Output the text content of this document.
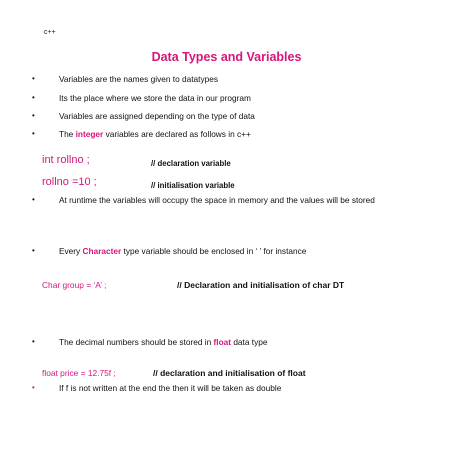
c++
Data Types and Variables
•	Variables are the names given to datatypes
•	Its the place where we store the data in our program
•	Variables are assigned depending on the type of data
•	The integer variables are declared as follows in c++
int rollno ;	// declaration variable
rollno =10 ;	// initialisation variable
•	At runtime the variables will occupy the space in memory and the values will be stored
•	Every Character type variable should be enclosed in ‘ ’ for instance
Char group = ‘A’ ;	// Declaration and initialisation of char DT
•	The decimal numbers should be stored in float data type
float price = 12.75f ;	// declaration and initialisation of float
•	If f is not written at the end the then it will be taken as double
